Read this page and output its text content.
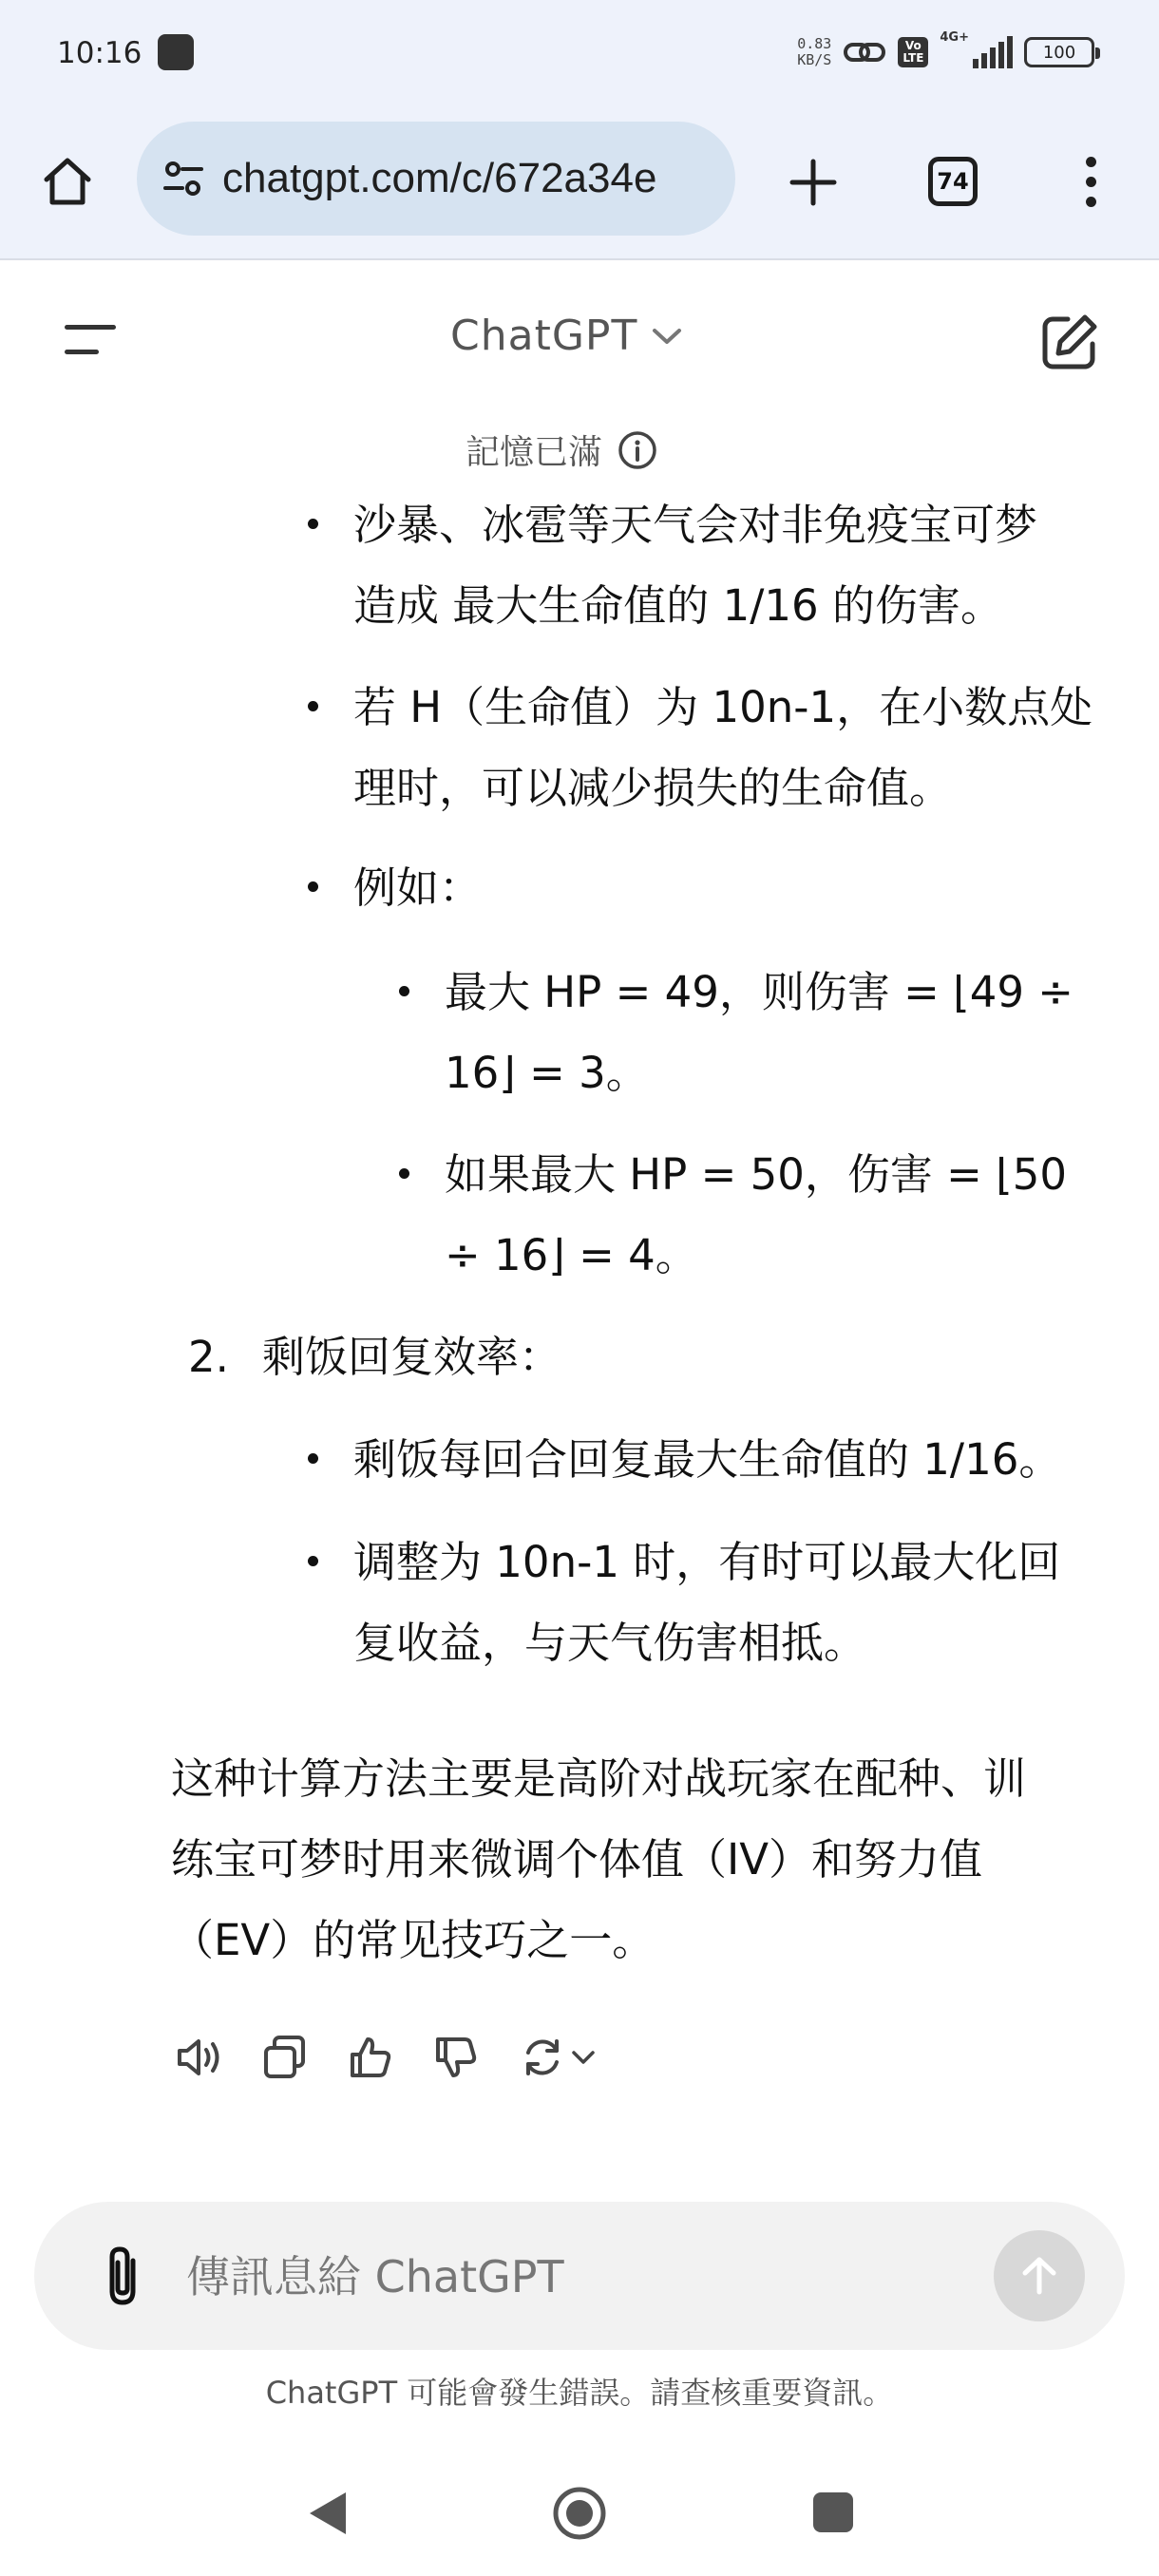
10:16	0.83
KB/S
Vo
LTE
4G+
100
chatgpt.com/c/672a34e	74
ChatGPT
記憶已滿
沙暴、冰雹等天气会对非免疫宝可梦
造成 最大生命值的 1/16 的伤害。
若 H（生命值）为 10n-1，在小数点处
理时，可以减少损失的生命值。
例如：
最大 HP = 49，则伤害 = ⌊49 ÷
16⌋ = 3。
如果最大 HP = 50，伤害 = ⌊50
÷ 16⌋ = 4。
2. 剩饭回复效率：
剩饭每回合回复最大生命值的 1/16。
调整为 10n-1 时，有时可以最大化回
复收益，与天气伤害相抵。
这种计算方法主要是高阶对战玩家在配种、训
练宝可梦时用来微调个体值（IV）和努力值
（EV）的常见技巧之一。
傳訊息給 ChatGPT
ChatGPT 可能會發生錯誤。請查核重要資訊。
